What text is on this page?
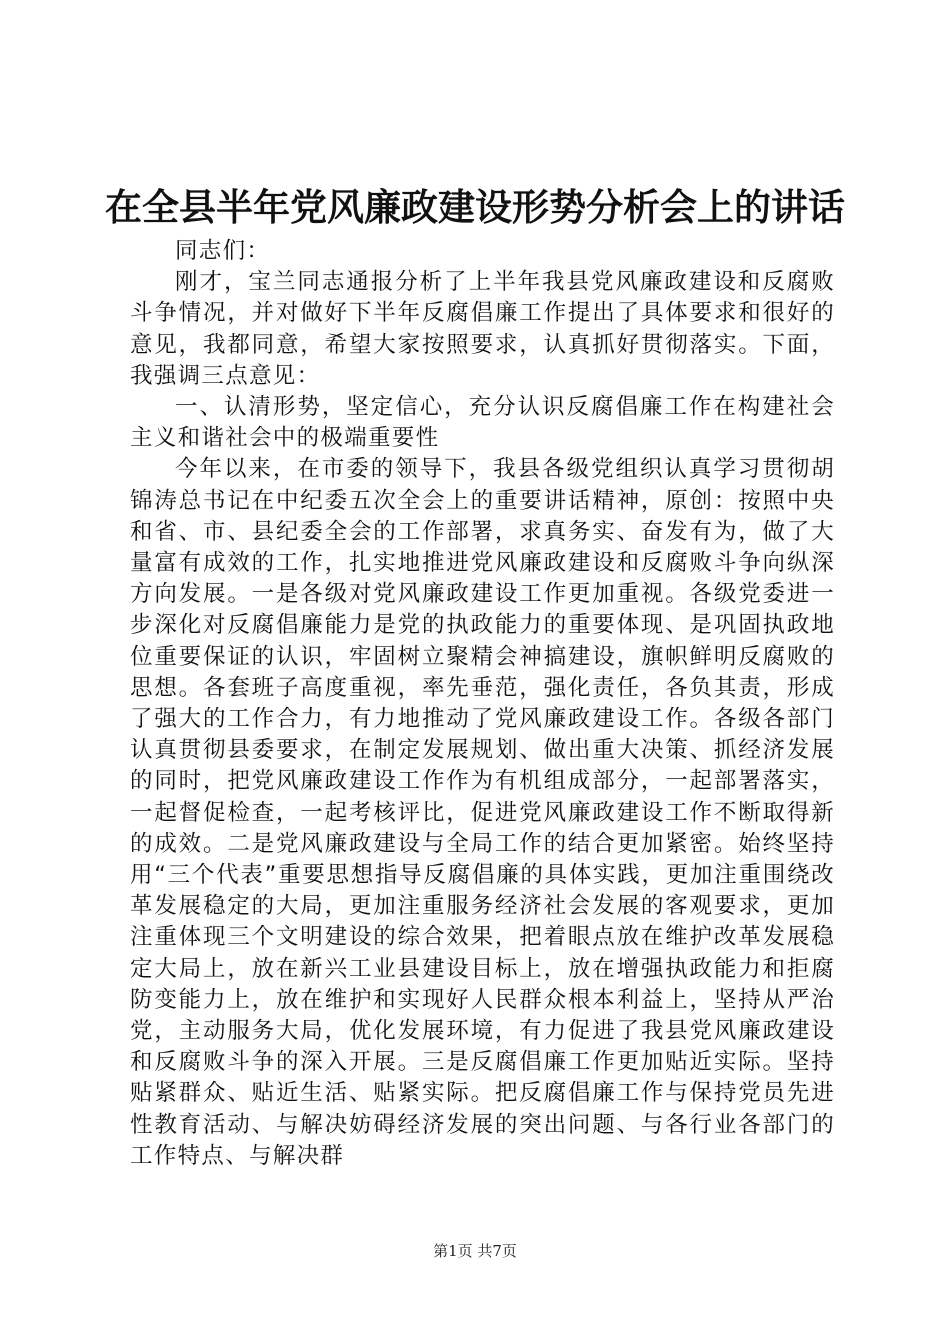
在全县半年党风廉政建设形势分析会上的讲话

同志们：

刚才，宝兰同志通报分析了上半年我县党风廉政建设和反腐败斗争情况，并对做好下半年反腐倡廉工作提出了具体要求和很好的意见，我都同意，希望大家按照要求，认真抓好贯彻落实。下面，我强调三点意见：

一、认清形势，坚定信心，充分认识反腐倡廉工作在构建社会主义和谐社会中的极端重要性

今年以来，在市委的领导下，我县各级党组织认真学习贯彻胡锦涛总书记在中纪委五次全会上的重要讲话精神，原创：按照中央和省、市、县纪委全会的工作部署，求真务实、奋发有为，做了大量富有成效的工作，扎实地推进党风廉政建设和反腐败斗争向纵深方向发展。一是各级对党风廉政建设工作更加重视。各级党委进一步深化对反腐倡廉能力是党的执政能力的重要体现、是巩固执政地位重要保证的认识，牢固树立聚精会神搞建设，旗帜鲜明反腐败的思想。各套班子高度重视，率先垂范，强化责任，各负其责，形成了强大的工作合力，有力地推动了党风廉政建设工作。各级各部门认真贯彻县委要求，在制定发展规划、做出重大决策、抓经济发展的同时，把党风廉政建设工作作为有机组成部分，一起部署落实，一起督促检查，一起考核评比，促进党风廉政建设工作不断取得新的成效。二是党风廉政建设与全局工作的结合更加紧密。始终坚持用“三个代表”重要思想指导反腐倡廉的具体实践，更加注重围绕改革发展稳定的大局，更加注重服务经济社会发展的客观要求，更加注重体现三个文明建设的综合效果，把着眼点放在维护改革发展稳定大局上，放在新兴工业县建设目标上，放在增强执政能力和拒腐防变能力上，放在维护和实现好人民群众根本利益上，坚持从严治党，主动服务大局，优化发展环境，有力促进了我县党风廉政建设和反腐败斗争的深入开展。三是反腐倡廉工作更加贴近实际。坚持贴紧群众、贴近生活、贴紧实际。把反腐倡廉工作与保持党员先进性教育活动、与解决妨碍经济发展的突出问题、与各行业各部门的工作特点、与解决群

第1页 共7页
